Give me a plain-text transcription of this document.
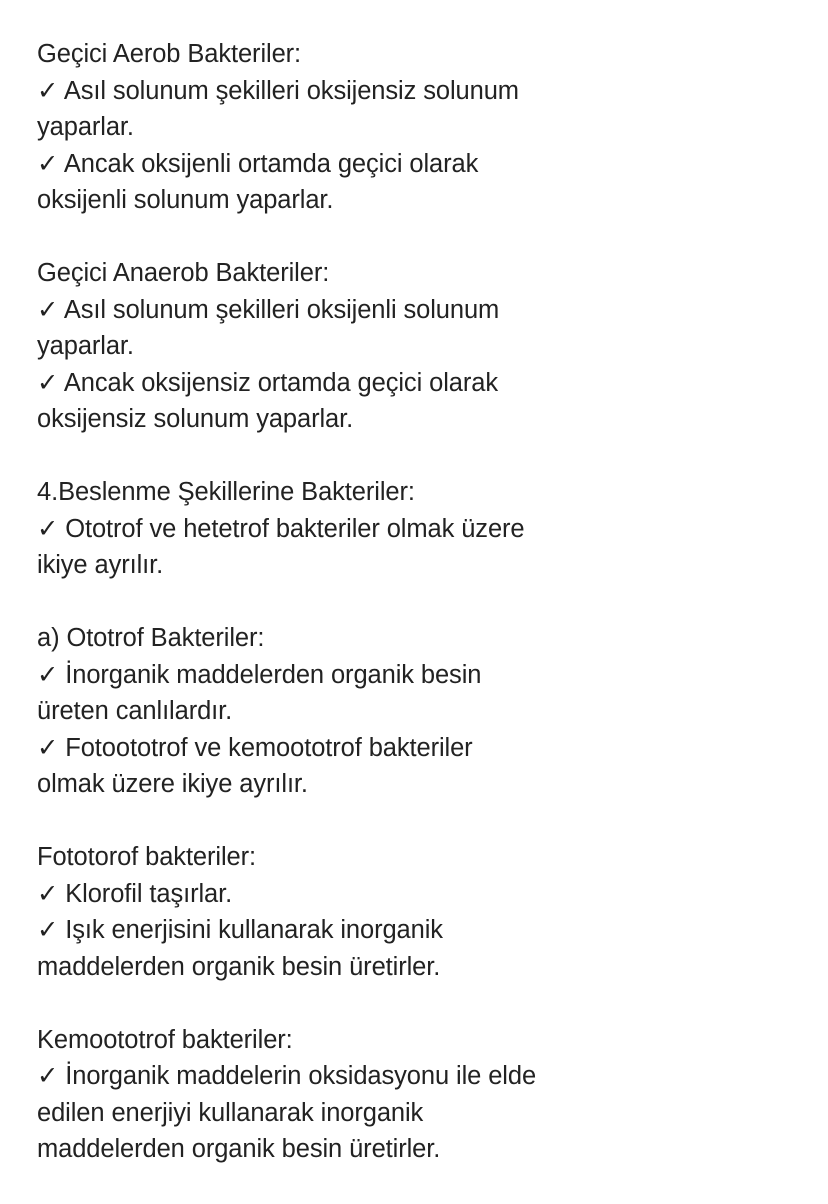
Geçici Aerob Bakteriler:
✓ Asıl solunum şekilleri oksijensiz solunum
yaparlar.
✓ Ancak oksijenli ortamda geçici olarak
oksijenli solunum yaparlar.
Geçici Anaerob Bakteriler:
✓ Asıl solunum şekilleri oksijenli solunum
yaparlar.
✓ Ancak oksijensiz ortamda geçici olarak
oksijensiz solunum yaparlar.
4.Beslenme Şekillerine Bakteriler:
✓ Ototrof ve hetetrof bakteriler olmak üzere
ikiye ayrılır.
a) Ototrof Bakteriler:
✓ İnorganik maddelerden organik besin
üreten canlılardır.
✓ Fotoototrof ve kemoototrof bakteriler
olmak üzere ikiye ayrılır.
Fototorof bakteriler:
✓ Klorofil taşırlar.
✓ Işık enerjisini kullanarak inorganik
maddelerden organik besin üretirler.
Kemoototrof bakteriler:
✓ İnorganik maddelerin oksidasyonu ile elde
edilen enerjiyi kullanarak inorganik
maddelerden organik besin üretirler.
